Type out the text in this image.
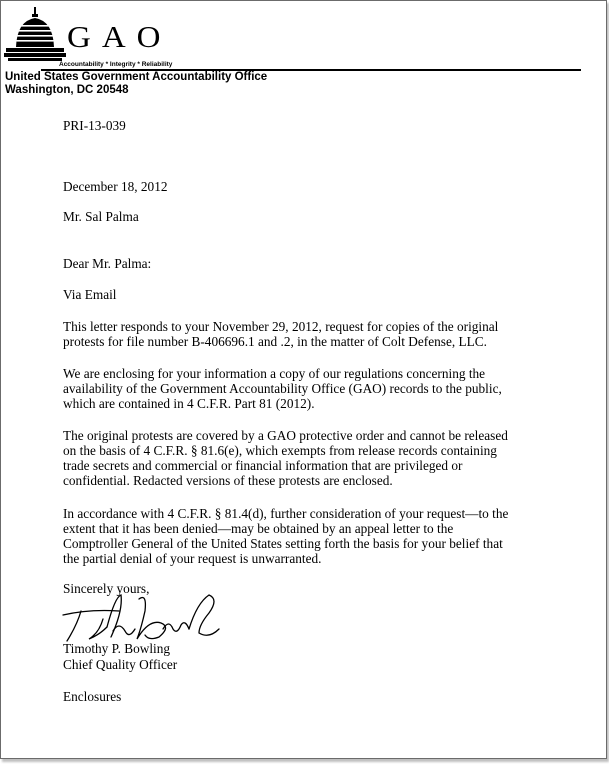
GAO
Accountability * Integrity * Reliability
United States Government Accountability Office
Washington, DC 20548
PRI-13-039
December 18, 2012
Mr. Sal Palma
Dear Mr. Palma:
Via Email
This letter responds to your November 29, 2012, request for copies of the original
protests for file number B-406696.1 and .2, in the matter of Colt Defense, LLC.
We are enclosing for your information a copy of our regulations concerning the
availability of the Government Accountability Office (GAO) records to the public,
which are contained in 4 C.F.R. Part 81 (2012).
The original protests are covered by a GAO protective order and cannot be released
on the basis of 4 C.F.R. § 81.6(e), which exempts from release records containing
trade secrets and commercial or financial information that are privileged or
confidential. Redacted versions of these protests are enclosed.
In accordance with 4 C.F.R. § 81.4(d), further consideration of your request—to the
extent that it has been denied—may be obtained by an appeal letter to the
Comptroller General of the United States setting forth the basis for your belief that
the partial denial of your request is unwarranted.
Sincerely yours,
Timothy P. Bowling
Chief Quality Officer
Enclosures
